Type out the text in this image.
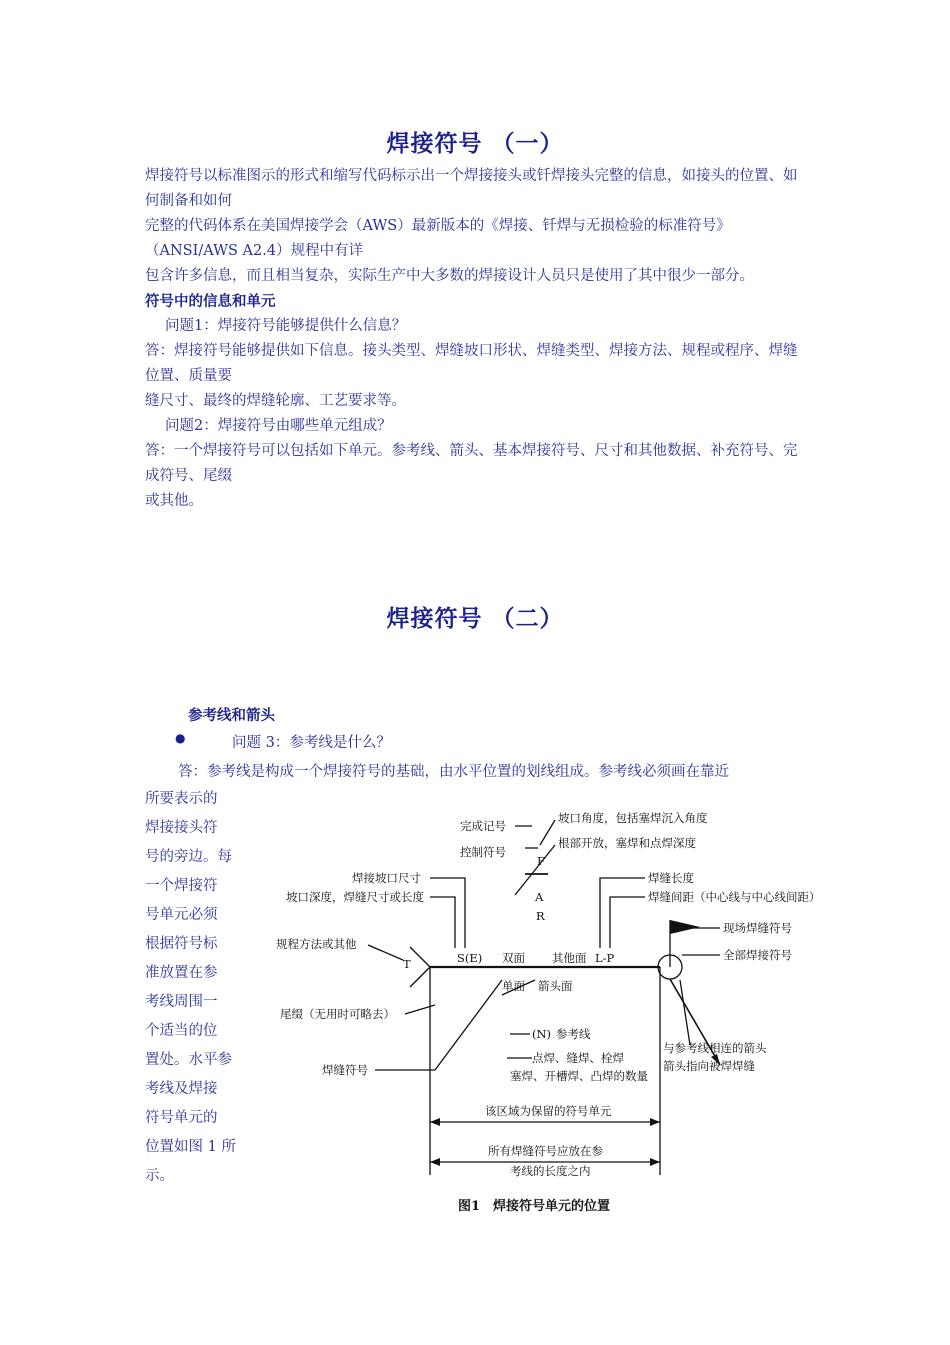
焊接符号 （一）

焊接符号以标准图示的形式和缩写代码标示出一个焊接接头或钎焊接头完整的信息，如接头的位置、如何制备和如何

完整的代码体系在美国焊接学会（AWS）最新版本的《焊接、钎焊与无损检验的标准符号》（ANSI/AWS A2.4）规程中有详

包含许多信息，而且相当复杂，实际生产中大多数的焊接设计人员只是使用了其中很少一部分。

符号中的信息和单元

问题1：焊接符号能够提供什么信息？

答：焊接符号能够提供如下信息。接头类型、焊缝坡口形状、焊缝类型、焊接方法、规程或程序、焊缝位置、质量要

缝尺寸、最终的焊缝轮廓、工艺要求等。

问题2：焊接符号由哪些单元组成？

答：一个焊接符号可以包括如下单元。参考线、箭头、基本焊接符号、尺寸和其他数据、补充符号、完成符号、尾缀

或其他。

焊接符号 （二）
参考线和箭头
●	问题 3：参考线是什么？
答：参考线是构成一个焊接符号的基础，由水平位置的划线组成。参考线必须画在靠近

所要表示的

焊接接头符

号的旁边。每

一个焊接符

号单元必须

根据符号标

准放置在参

考线周围一

个适当的位

置处。水平参

考线及焊接

符号单元的

位置如图 1 所

示。

完成记号
控制符号
坡口角度，包括塞焊沉入角度
根部开放，塞焊和点焊深度
焊接坡口尺寸
坡口深度，焊缝尺寸或长度
焊缝长度
焊缝间距（中心线与中心线间距）
现场焊缝符号
全部焊接符号
规程方法或其他
尾缀（无用时可略去）
焊缝符号
双面 其他面
单面 箭头面
参考线
点焊、缝焊、栓焊
塞焊、开槽焊、凸焊的数量
与参考线相连的箭头
箭头指向被焊焊缝
该区域为保留的符号单元
所有焊缝符号应放在参
考线的长度之内
F
A
R
T	S(E)	L-P
(N)
图1　焊接符号单元的位置
